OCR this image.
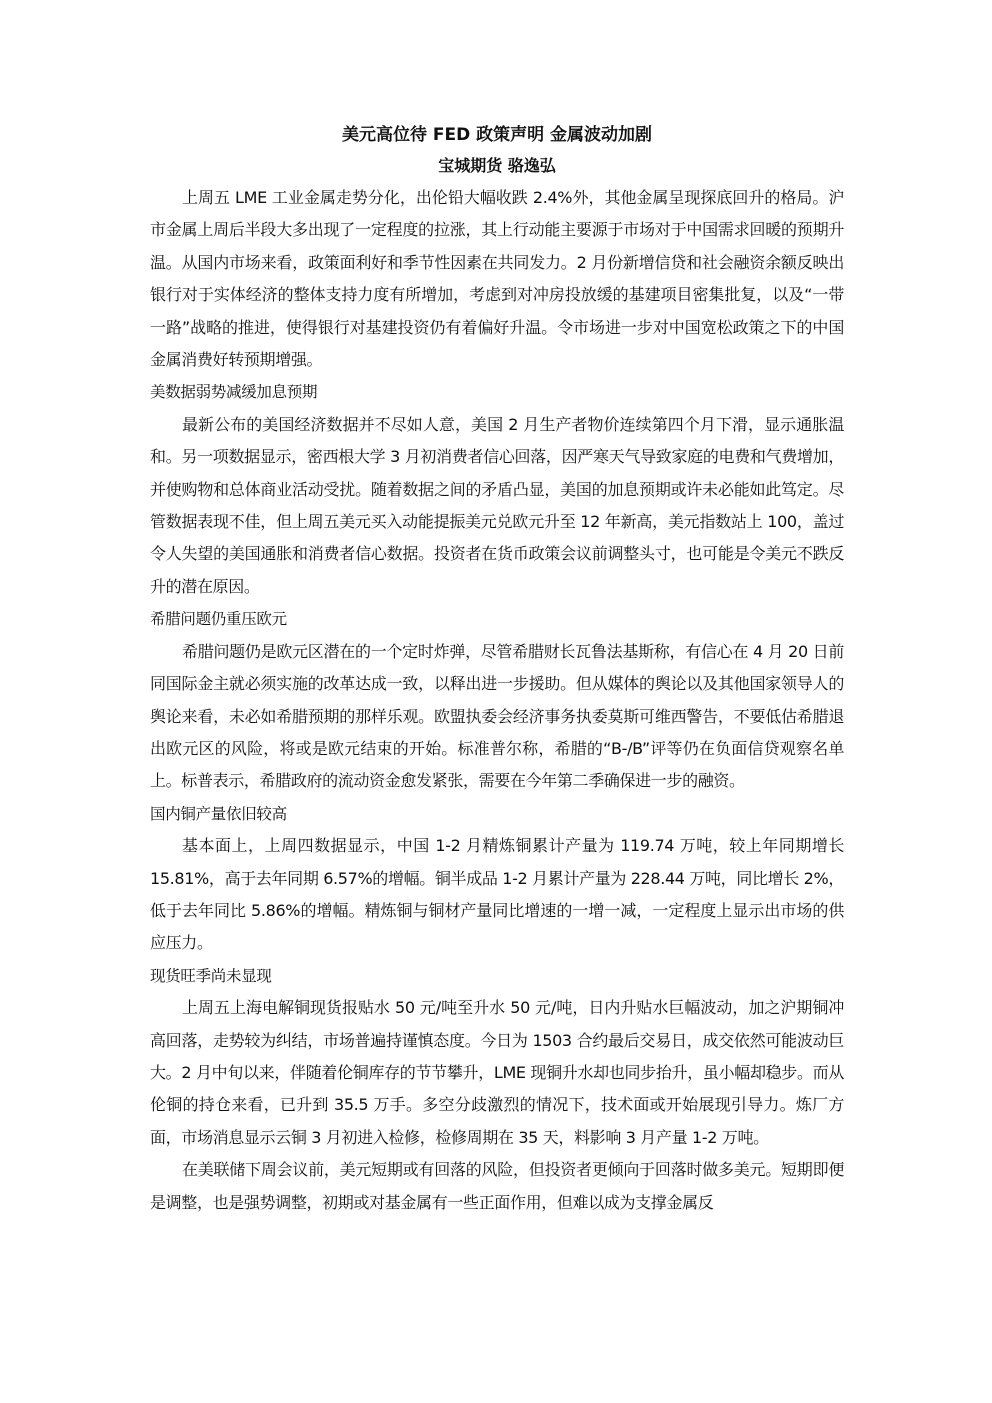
美元高位待 FED 政策声明 金属波动加剧
宝城期货 骆逸弘

上周五 LME 工业金属走势分化，出伦铅大幅收跌 2.4%外，其他金属呈现探底回升的格局。沪市金属上周后半段大多出现了一定程度的拉涨，其上行动能主要源于市场对于中国需求回暖的预期升温。从国内市场来看，政策面利好和季节性因素在共同发力。2 月份新增信贷和社会融资余额反映出银行对于实体经济的整体支持力度有所增加，考虑到对冲房投放缓的基建项目密集批复，以及“一带一路”战略的推进，使得银行对基建投资仍有着偏好升温。令市场进一步对中国宽松政策之下的中国金属消费好转预期增强。

美数据弱势减缓加息预期

最新公布的美国经济数据并不尽如人意，美国 2 月生产者物价连续第四个月下滑，显示通胀温和。另一项数据显示，密西根大学 3 月初消费者信心回落，因严寒天气导致家庭的电费和气费增加，并使购物和总体商业活动受扰。随着数据之间的矛盾凸显，美国的加息预期或许未必能如此笃定。尽管数据表现不佳，但上周五美元买入动能提振美元兑欧元升至 12 年新高，美元指数站上 100，盖过令人失望的美国通胀和消费者信心数据。投资者在货币政策会议前调整头寸，也可能是令美元不跌反升的潜在原因。

希腊问题仍重压欧元

希腊问题仍是欧元区潜在的一个定时炸弹，尽管希腊财长瓦鲁法基斯称，有信心在 4 月 20 日前同国际金主就必须实施的改革达成一致，以释出进一步援助。但从媒体的舆论以及其他国家领导人的舆论来看，未必如希腊预期的那样乐观。欧盟执委会经济事务执委莫斯可维西警告，不要低估希腊退出欧元区的风险，将或是欧元结束的开始。标准普尔称，希腊的“B-/B”评等仍在负面信贷观察名单上。标普表示，希腊政府的流动资金愈发紧张，需要在今年第二季确保进一步的融资。

国内铜产量依旧较高

基本面上，上周四数据显示，中国 1-2 月精炼铜累计产量为 119.74 万吨，较上年同期增长 15.81%，高于去年同期 6.57%的增幅。铜半成品 1-2 月累计产量为 228.44 万吨，同比增长 2%，低于去年同比 5.86%的增幅。精炼铜与铜材产量同比增速的一增一减，一定程度上显示出市场的供应压力。

现货旺季尚未显现

上周五上海电解铜现货报贴水 50 元/吨至升水 50 元/吨，日内升贴水巨幅波动，加之沪期铜冲高回落，走势较为纠结，市场普遍持谨慎态度。今日为 1503 合约最后交易日，成交依然可能波动巨大。2 月中旬以来，伴随着伦铜库存的节节攀升，LME 现铜升水却也同步抬升，虽小幅却稳步。而从伦铜的持仓来看，已升到 35.5 万手。多空分歧激烈的情况下，技术面或开始展现引导力。炼厂方面，市场消息显示云铜 3 月初进入检修，检修周期在 35 天，料影响 3 月产量 1-2 万吨。

在美联储下周会议前，美元短期或有回落的风险，但投资者更倾向于回落时做多美元。短期即便是调整，也是强势调整，初期或对基金属有一些正面作用，但难以成为支撑金属反
